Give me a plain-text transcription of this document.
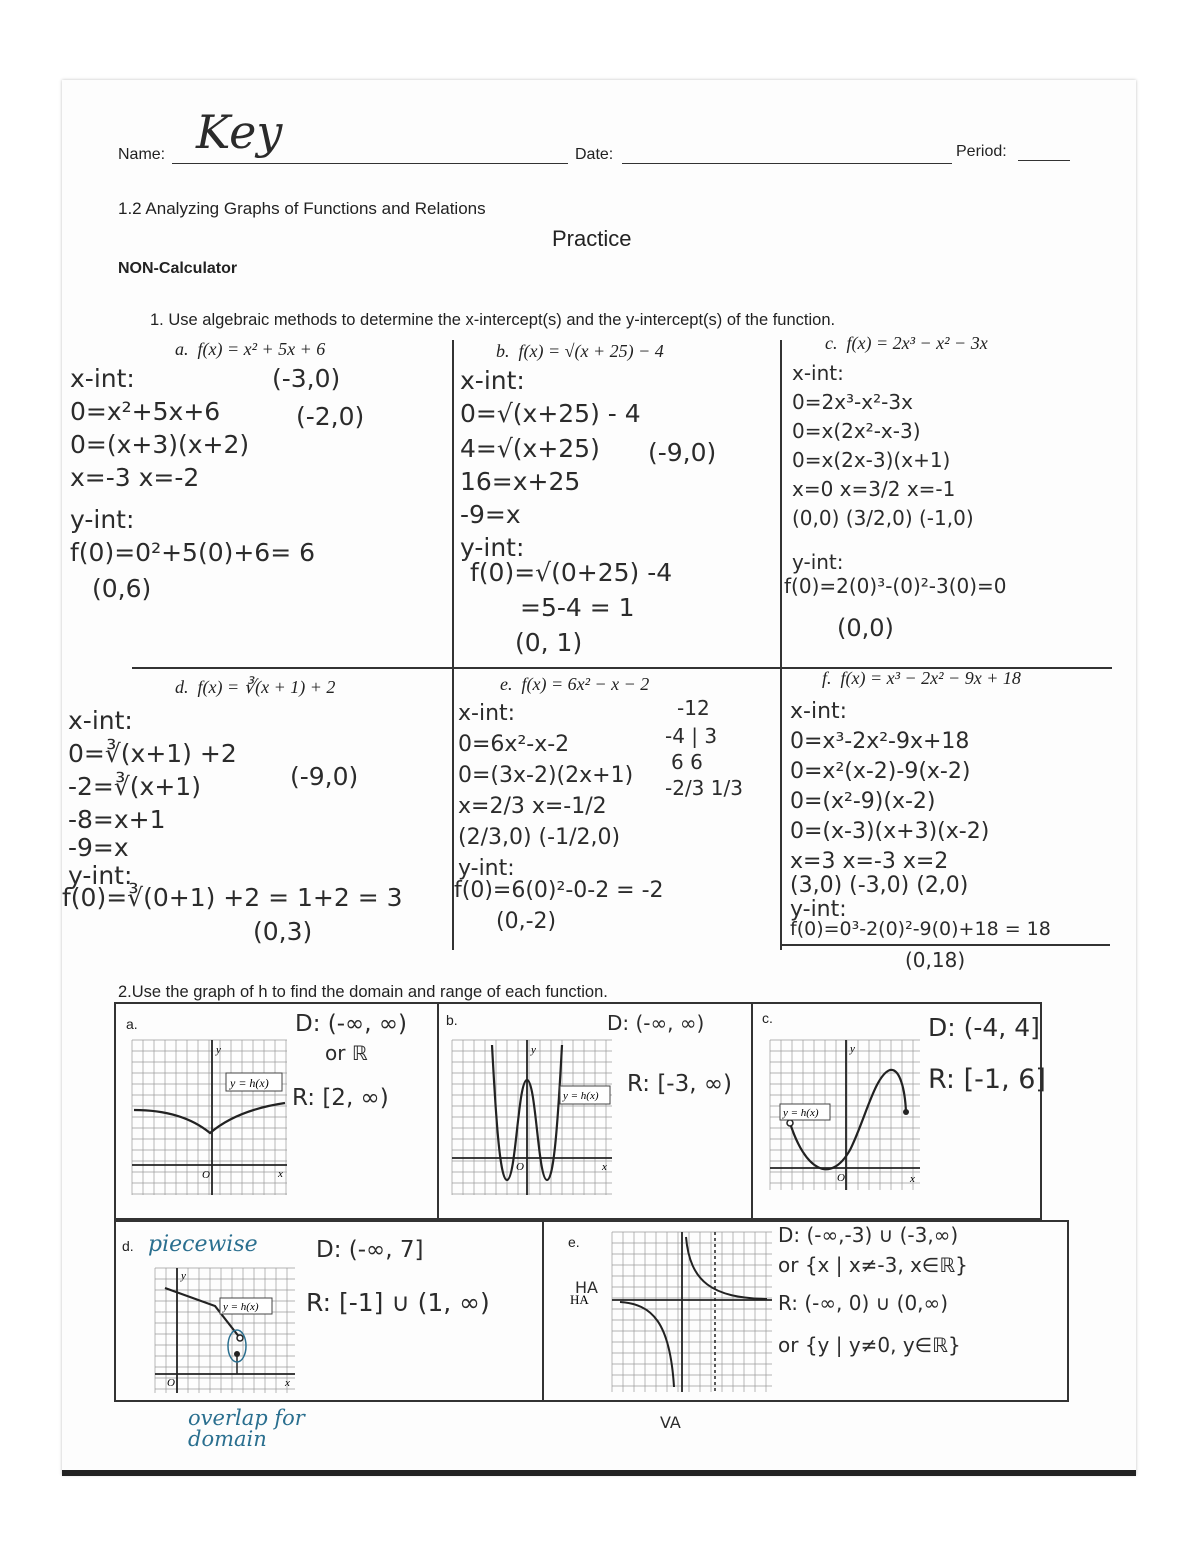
Name: Key	Date:	Period:
1.2 Analyzing Graphs of Functions and Relations
Practice
NON-Calculator
1. Use algebraic methods to determine the x-intercept(s) and the y-intercept(s) of the function.
a. f(x) = x² + 5x + 6
x-int:
0=x²+5x+6
0=(x+3)(x+2)
x=-3 x=-2
y-int:
f(0)=0²+5(0)+6= 6
(0,6)
(-3,0)
(-2,0)
b. f(x) = √(x + 25) − 4
x-int:
0=√(x+25) - 4
4=√(x+25)
16=x+25
-9=x
y-int:
f(0)=√(0+25) -4
=5-4 = 1
(0, 1)
(-9,0)
c. f(x) = 2x³ − x² − 3x
x-int:
0=2x³-x²-3x
0=x(2x²-x-3)
0=x(2x-3)(x+1)
x=0 x=3/2 x=-1
(0,0) (3/2,0) (-1,0)
y-int:
f(0)=2(0)³-(0)²-3(0)=0
(0,0)
d. f(x) = ∛(x + 1) + 2
x-int:
0=∛(x+1) +2
-2=∛(x+1)
-8=x+1
-9=x
y-int:
f(0)=∛(0+1) +2 = 1+2 = 3
(0,3)
(-9,0)
e. f(x) = 6x² − x − 2
x-int:
0=6x²-x-2
0=(3x-2)(2x+1)
x=2/3 x=-1/2
(2/3,0) (-1/2,0)
y-int:
f(0)=6(0)²-0-2 = -2
(0,-2)
-12
-4 | 3
6 6
-2/3 1/3
f. f(x) = x³ − 2x² − 9x + 18
x-int:
0=x³-2x²-9x+18
0=x²(x-2)-9(x-2)
0=(x²-9)(x-2)
0=(x-3)(x+3)(x-2)
x=3 x=-3 x=2
(3,0) (-3,0) (2,0)
y-int:
f(0)=0³-2(0)²-9(0)+18 = 18
(0,18)
2.Use the graph of h to find the domain and range of each function.
a.
y = h(x)
y
x
O
D: (-∞, ∞)
or ℝ
R: [2, ∞)
b.
y = h(x)
y
x
O
D: (-∞, ∞)
R: [-3, ∞)
c.
y = h(x)
y
x
O
D: (-4, 4]
R: [-1, 6]
d. piecewise
y = h(x)
y
x
O
D: (-∞, 7]
R: [-1] ∪ (1, ∞)
overlap for domain
e.
HA
HA
VA
D: (-∞,-3) ∪ (-3,∞)
or {x | x≠-3, x∈ℝ}
R: (-∞, 0) ∪ (0,∞)
or {y | y≠0, y∈ℝ}
